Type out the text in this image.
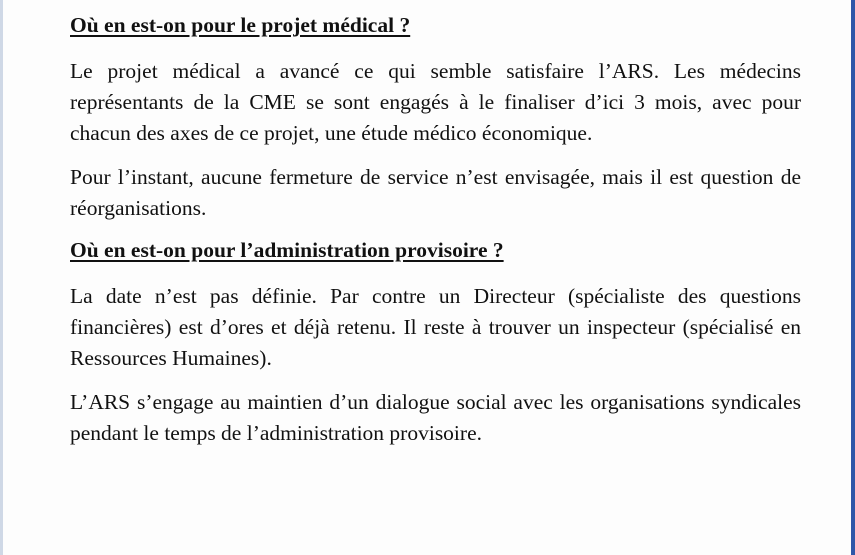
Où en est-on pour le projet médical ?

Le projet médical a avancé ce qui semble satisfaire l’ARS. Les médecins représentants de la CME se sont engagés à le finaliser d’ici 3 mois, avec pour chacun des axes de ce projet, une étude médico économique.

Pour l’instant, aucune fermeture de service n’est envisagée, mais il est question de réorganisations.

Où en est-on pour l’administration provisoire ?

La date n’est pas définie. Par contre un Directeur (spécialiste des questions financières) est d’ores et déjà retenu. Il reste à trouver un inspecteur (spécialisé en Ressources Humaines).

L’ARS s’engage au maintien d’un dialogue social avec les organisations syndicales pendant le temps de l’administration provisoire.
